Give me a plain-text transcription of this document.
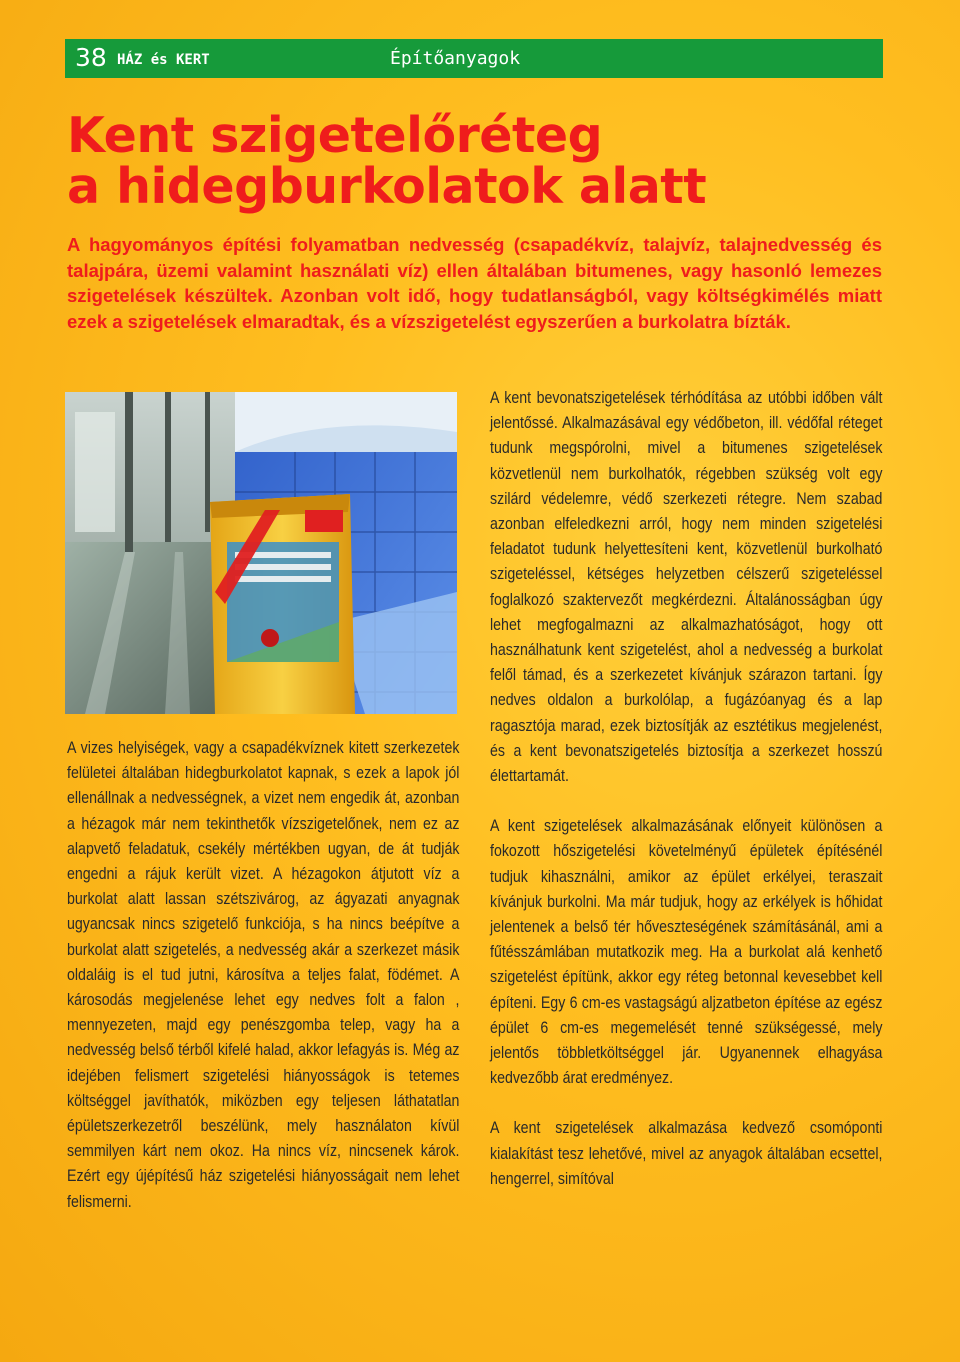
38 HÁZ és KERT	Építőanyagok
Kent szigetelőréteg
a hidegburkolatok alatt

A hagyományos építési folyamatban nedvesség (csapadékvíz, talajvíz, talajnedvesség és talajpára, üzemi valamint használati víz) ellen általában bitumenes, vagy hasonló lemezes szigetelések készültek. Azonban volt idő, hogy tudatlanságból, vagy költségkimélés miatt ezek a szigetelések elmaradtak, és a vízszigetelést egyszerűen a burkolatra bízták.

A vizes helyiségek, vagy a csapadékvíznek kitett szerkezetek felületei általában hidegburkolatot kapnak, s ezek a lapok jól ellenállnak a nedvességnek, a vizet nem engedik át, azonban a hézagok már nem tekinthetők vízszigetelőnek, nem ez az alapvető feladatuk, csekély mértékben ugyan, de át tudják engedni a rájuk került vizet. A hézagokon átjutott víz a burkolat alatt lassan szétszivárog, az ágyazati anyagnak ugyancsak nincs szigetelő funkciója, s ha nincs beépítve a burkolat alatt szigetelés, a nedvesség akár a szerkezet másik oldaláig is el tud jutni, károsítva a teljes falat, födémet. A károsodás megjelenése lehet egy nedves folt a falon , mennyezeten, majd egy penészgomba telep, vagy ha a nedvesség belső térből kifelé halad, akkor lefagyás is. Még az idejében felismert szigetelési hiányosságok is tetemes költséggel javíthatók, miközben egy teljesen láthatatlan épületszerkezetről beszélünk, mely használaton kívül semmilyen kárt nem okoz. Ha nincs víz, nincsenek károk. Ezért egy újépítésű ház szigetelési hiányosságait nem lehet felismerni.

A kent bevonatszigetelések térhódítása az utóbbi időben vált jelentőssé. Alkalmazásával egy védőbeton, ill. védőfal réteget tudunk megspórolni, mivel a bitumenes szigetelések közvetlenül nem burkolhatók, régebben szükség volt egy szilárd védelemre, védő szerkezeti rétegre. Nem szabad azonban elfeledkezni arról, hogy nem minden szigetelési feladatot tudunk helyettesíteni kent, közvetlenül burkolható szigeteléssel, kétséges helyzetben célszerű szigeteléssel foglalkozó szaktervezőt megkérdezni. Általánosságban úgy lehet megfogalmazni az alkalmazhatóságot, hogy ott használhatunk kent szigetelést, ahol a nedvesség a burkolat felől támad, és a szerkezetet kívánjuk szárazon tartani. Így nedves oldalon a burkolólap, a fugázóanyag és a lap ragasztója marad, ezek biztosítják az esztétikus megjelenést, és a kent bevonatszigetelés biztosítja a szerkezet hosszú élettartamát.

A kent szigetelések alkalmazásának előnyeit különösen a fokozott hőszigetelési követelményű épületek építésénél tudjuk kihasználni, amikor az épület erkélyei, teraszait kívánjuk burkolni. Ma már tudjuk, hogy az erkélyek is hőhidat jelentenek a belső tér hőveszteségének számításánál, ami a fűtésszámlában mutatkozik meg. Ha a burkolat alá kenhető szigetelést építünk, akkor egy réteg betonnal kevesebbet kell építeni. Egy 6 cm-es vastagságú aljzatbeton építése az egész épület 6 cm-es megemelését tenné szükségessé, mely jelentős többletköltséggel jár. Ugyanennek elhagyása kedvezőbb árat eredményez.

A kent szigetelések alkalmazása kedvező csomóponti kialakítást tesz lehetővé, mivel az anyagok általában ecsettel, hengerrel, simítóval
